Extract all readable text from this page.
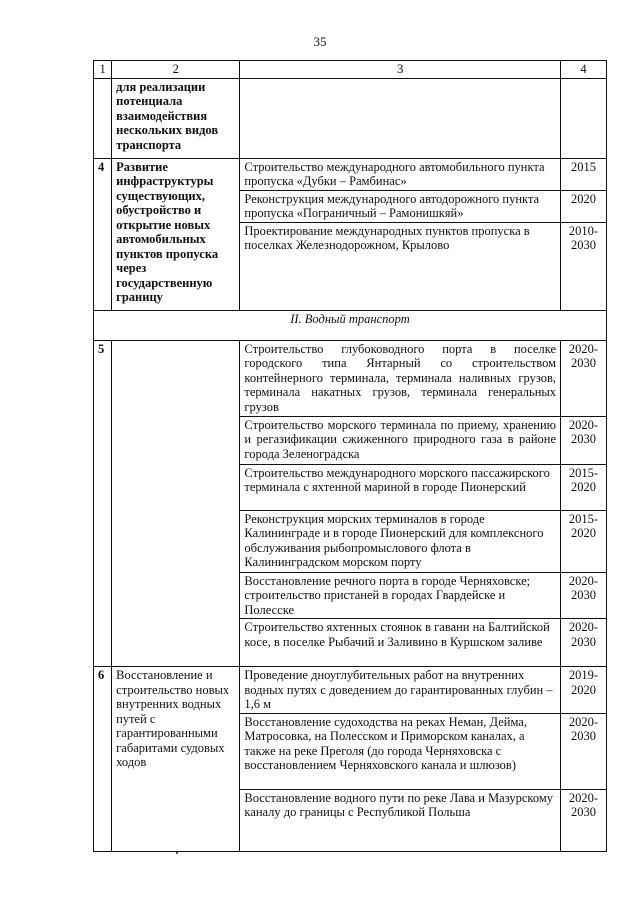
35
1	2	3	4
	для реализации потенциала взаимодействия нескольких видов транспорта		
4	Развитие инфраструктуры существующих, обустройство и открытие новых автомобильных пунктов пропуска через государственную границу	Строительство международного автомобильного пункта пропуска «Дубки – Рамбинас»	2015
		Реконструкция международного автодорожного пункта пропуска «Пограничный – Рамонишкяй»	2020
		Проектирование международных пунктов пропуска в поселках Железнодорожном, Крылово	2010-2030
II. Водный транспорт			
5		Строительство глубоководного порта в поселке городского типа Янтарный со строительством контейнерного терминала, терминала наливных грузов, терминала накатных грузов, терминала генеральных грузов	2020-2030
		Строительство морского терминала по приему, хранению и регазификации сжиженного природного газа в районе города Зеленоградска	2020-2030
		Строительство международного морского пассажирского терминала с яхтенной мариной в городе Пионерский	2015-2020
		Реконструкция морских терминалов в городе Калининграде и в городе Пионерский для комплексного обслуживания рыбопромыслового флота в Калининградском морском порту	2015-2020
		Восстановление речного порта в городе Черняховске; строительство пристаней в городах Гвардейске и Полесске	2020-2030
		Строительство яхтенных стоянок в гавани на Балтийской косе, в поселке Рыбачий и Заливино в Куршском заливе	2020-2030
6	Восстановление и строительство новых внутренних водных путей с гарантированными габаритами судовых ходов	Проведение дноуглубительных работ на внутренних водных путях с доведением до гарантированных глубин – 1,6 м	2019-2020
		Восстановление судоходства на реках Неман, Дейма, Матросовка, на Полесском и Приморском каналах, а также на реке Преголя (до города Черняховска с восстановлением Черняховского канала и шлюзов)	2020-2030
		Восстановление водного пути по реке Лава и Мазурскому каналу до границы с Республикой Польша	2020-2030
